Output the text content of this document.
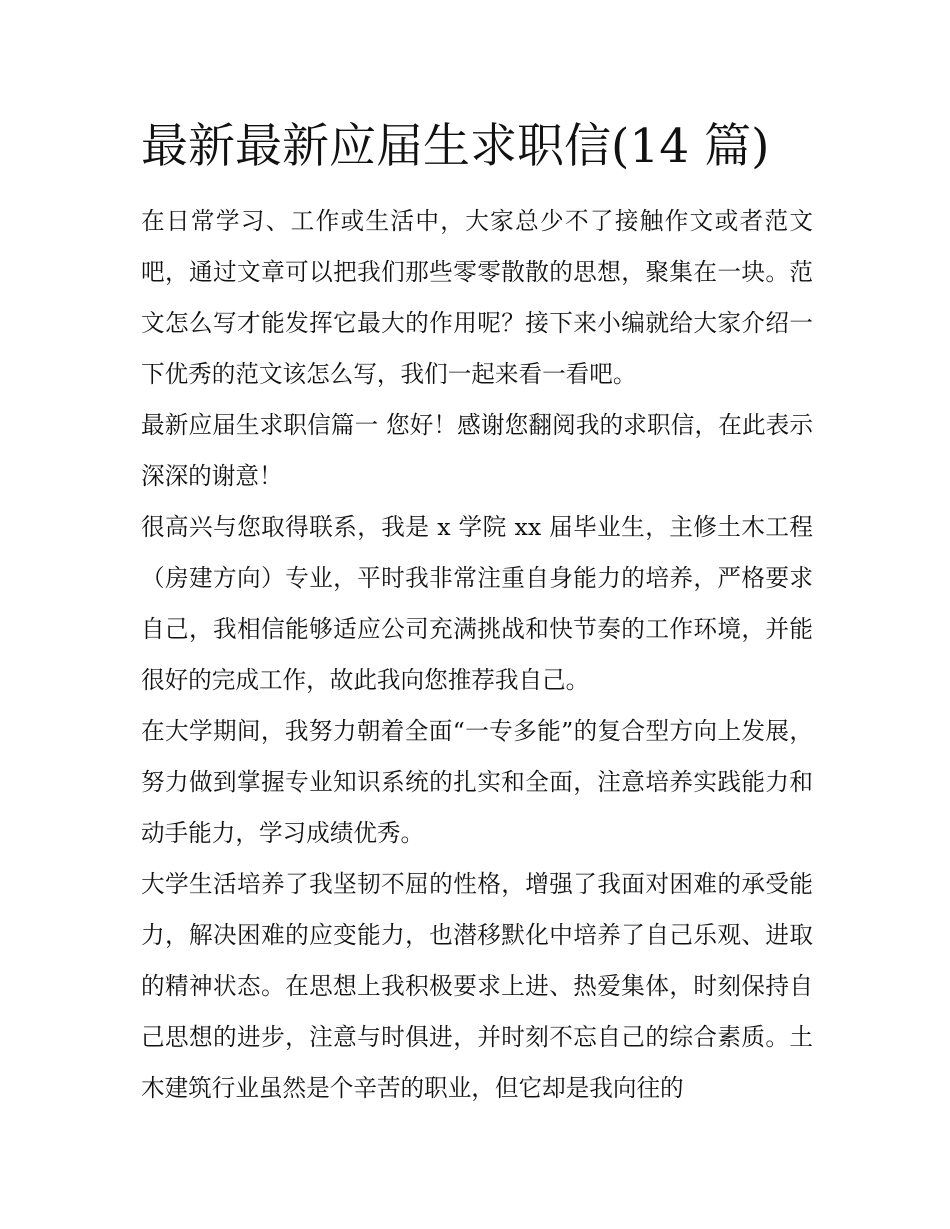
最新最新应届生求职信(14 篇)

在日常学习、工作或生活中，大家总少不了接触作文或者范文吧，通过文章可以把我们那些零零散散的思想，聚集在一块。范文怎么写才能发挥它最大的作用呢？接下来小编就给大家介绍一下优秀的范文该怎么写，我们一起来看一看吧。

最新应届生求职信篇一 您好！感谢您翻阅我的求职信，在此表示深深的谢意！

很高兴与您取得联系，我是 x 学院 xx 届毕业生，主修土木工程（房建方向）专业，平时我非常注重自身能力的培养，严格要求自己，我相信能够适应公司充满挑战和快节奏的工作环境，并能很好的完成工作，故此我向您推荐我自己。

在大学期间，我努力朝着全面“一专多能”的复合型方向上发展，努力做到掌握专业知识系统的扎实和全面，注意培养实践能力和动手能力，学习成绩优秀。

大学生活培养了我坚韧不屈的性格，增强了我面对困难的承受能力，解决困难的应变能力，也潜移默化中培养了自己乐观、进取的精神状态。在思想上我积极要求上进、热爱集体，时刻保持自己思想的进步，注意与时俱进，并时刻不忘自己的综合素质。土木建筑行业虽然是个辛苦的职业，但它却是我向往的
